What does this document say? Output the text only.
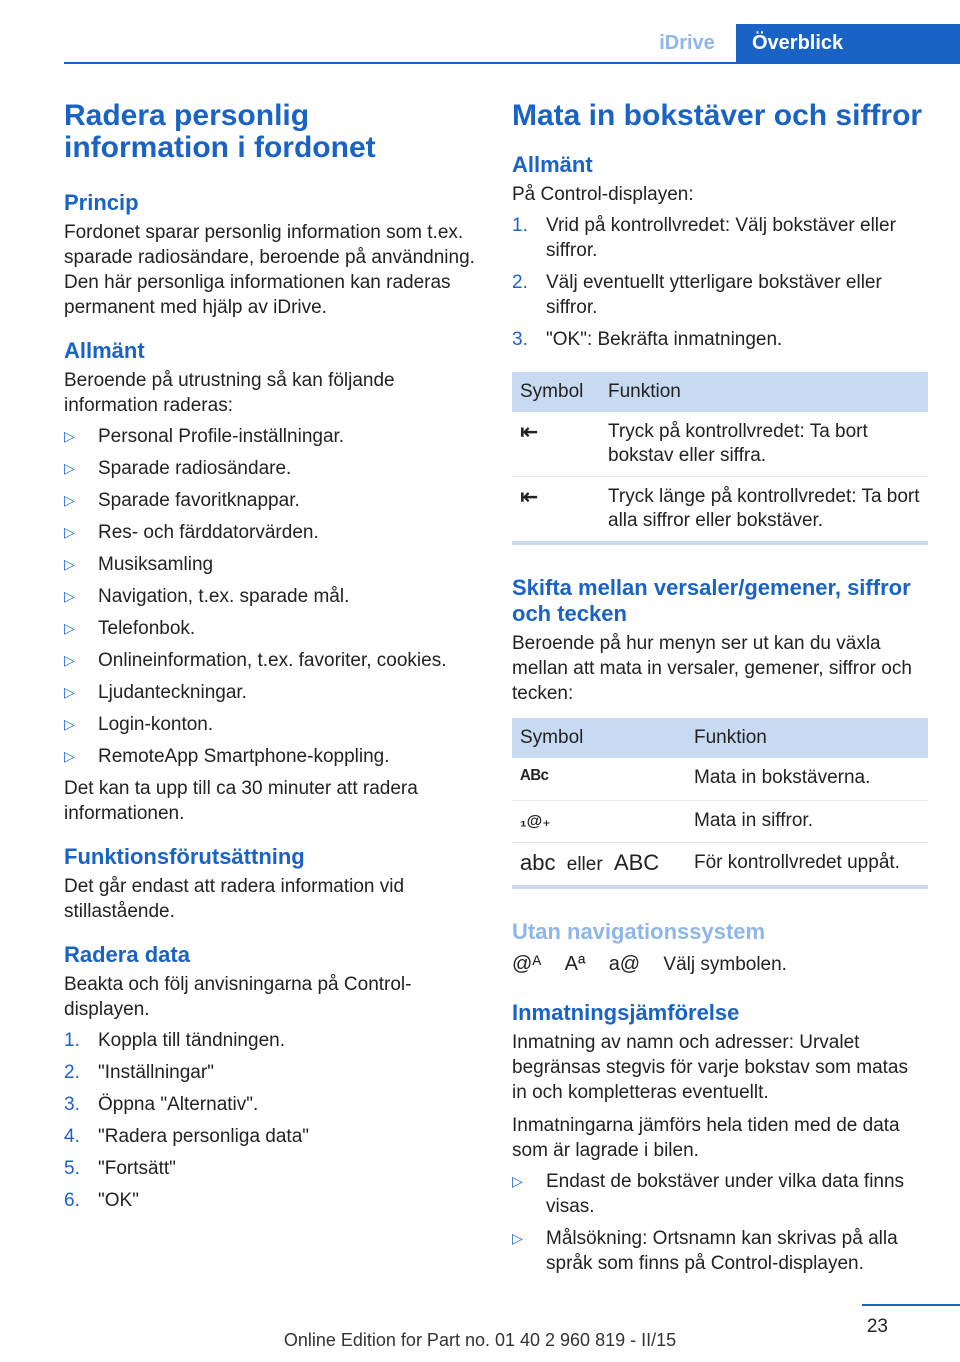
iDrive	Överblick
Radera personlig information i fordonet
Princip

Fordonet sparar personlig information som t.ex. sparade radiosändare, beroende på användning. Den här personliga informationen kan raderas permanent med hjälp av iDrive.

Allmänt

Beroende på utrustning så kan följande information raderas:

▷ Personal Profile-inställningar.
▷ Sparade radiosändare.
▷ Sparade favoritknappar.
▷ Res- och färddatorvärden.
▷ Musiksamling
▷ Navigation, t.ex. sparade mål.
▷ Telefonbok.
▷ Onlineinformation, t.ex. favoriter, cookies.
▷ Ljudanteckningar.
▷ Login-konton.
▷ RemoteApp Smartphone-koppling.

Det kan ta upp till ca 30 minuter att radera informationen.

Funktionsförutsättning

Det går endast att radera information vid stillastående.

Radera data

Beakta och följ anvisningarna på Control-displayen.

1. Koppla till tändningen.
2. "Inställningar"
3. Öppna "Alternativ".
4. "Radera personliga data"
5. "Fortsätt"
6. "OK"
Mata in bokstäver och siffror
Allmänt

På Control-displayen:

1. Vrid på kontrollvredet: Välj bokstäver eller siffror.
2. Välj eventuellt ytterligare bokstäver eller siffror.
3. "OK": Bekräfta inmatningen.
Symbol	Funktion
⇤	Tryck på kontrollvredet: Ta bort bokstav eller siffra.
⇤	Tryck länge på kontrollvredet: Ta bort alla siffror eller bokstäver.
Skifta mellan versaler/gemener, siffror och tecken

Beroende på hur menyn ser ut kan du växla mellan att mata in versaler, gemener, siffror och tecken:

Symbol	Funktion
ᴬᴮᶜ	Mata in bokstäverna.
₁@₊	Mata in siffror.
abc eller ABC	För kontrollvredet uppåt.
Utan navigationssystem
@ᴬ Aª a@ Välj symbolen.
Inmatningsjämförelse

Inmatning av namn och adresser: Urvalet begränsas stegvis för varje bokstav som matas in och kompletteras eventuellt.

Inmatningarna jämförs hela tiden med de data som är lagrade i bilen.

▷ Endast de bokstäver under vilka data finns visas.
▷ Målsökning: Ortsnamn kan skrivas på alla språk som finns på Control-displayen.
23
Online Edition for Part no. 01 40 2 960 819 - II/15
